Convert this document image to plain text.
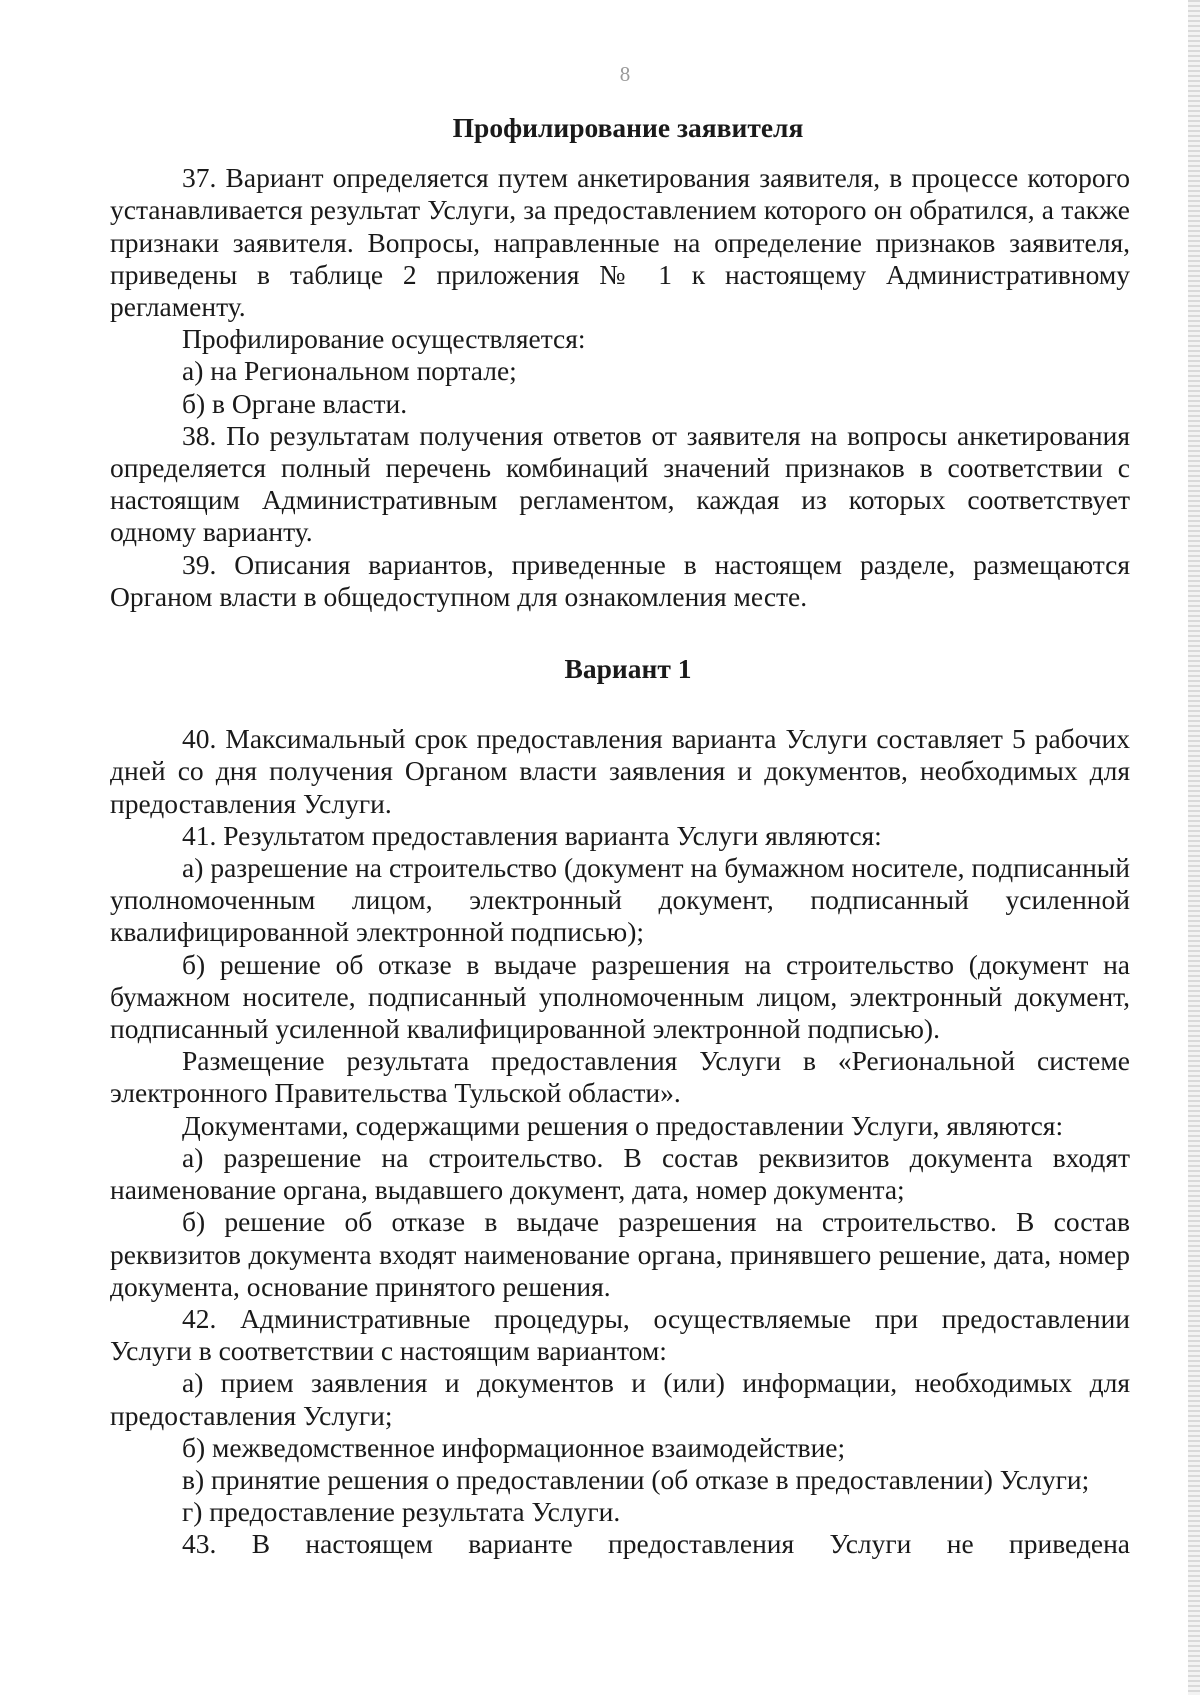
8
Профилирование заявителя

37. Вариант определяется путем анкетирования заявителя, в процессе которого устанавливается результат Услуги, за предоставлением которого он обратился, а также признаки заявителя. Вопросы, направленные на определение признаков заявителя, приведены в таблице 2 приложения № 1 к настоящему Административному регламенту.

Профилирование осуществляется:

а) на Региональном портале;

б) в Органе власти.

38. По результатам получения ответов от заявителя на вопросы анкетирования определяется полный перечень комбинаций значений признаков в соответствии с настоящим Административным регламентом, каждая из которых соответствует одному варианту.

39. Описания вариантов, приведенные в настоящем разделе, размещаются Органом власти в общедоступном для ознакомления месте.

Вариант 1

40. Максимальный срок предоставления варианта Услуги составляет 5 рабочих дней со дня получения Органом власти заявления и документов, необходимых для предоставления Услуги.

41. Результатом предоставления варианта Услуги являются:

а) разрешение на строительство (документ на бумажном носителе, подписанный уполномоченным лицом, электронный документ, подписанный усиленной квалифицированной электронной подписью);

б) решение об отказе в выдаче разрешения на строительство (документ на бумажном носителе, подписанный уполномоченным лицом, электронный документ, подписанный усиленной квалифицированной электронной подписью).

Размещение результата предоставления Услуги в «Региональной системе электронного Правительства Тульской области».

Документами, содержащими решения о предоставлении Услуги, являются:

а) разрешение на строительство. В состав реквизитов документа входят наименование органа, выдавшего документ, дата, номер документа;

б) решение об отказе в выдаче разрешения на строительство. В состав реквизитов документа входят наименование органа, принявшего решение, дата, номер документа, основание принятого решения.

42. Административные процедуры, осуществляемые при предоставлении Услуги в соответствии с настоящим вариантом:

а) прием заявления и документов и (или) информации, необходимых для предоставления Услуги;

б) межведомственное информационное взаимодействие;

в) принятие решения о предоставлении (об отказе в предоставлении) Услуги;

г) предоставление результата Услуги.

43. В настоящем варианте предоставления Услуги не приведена
